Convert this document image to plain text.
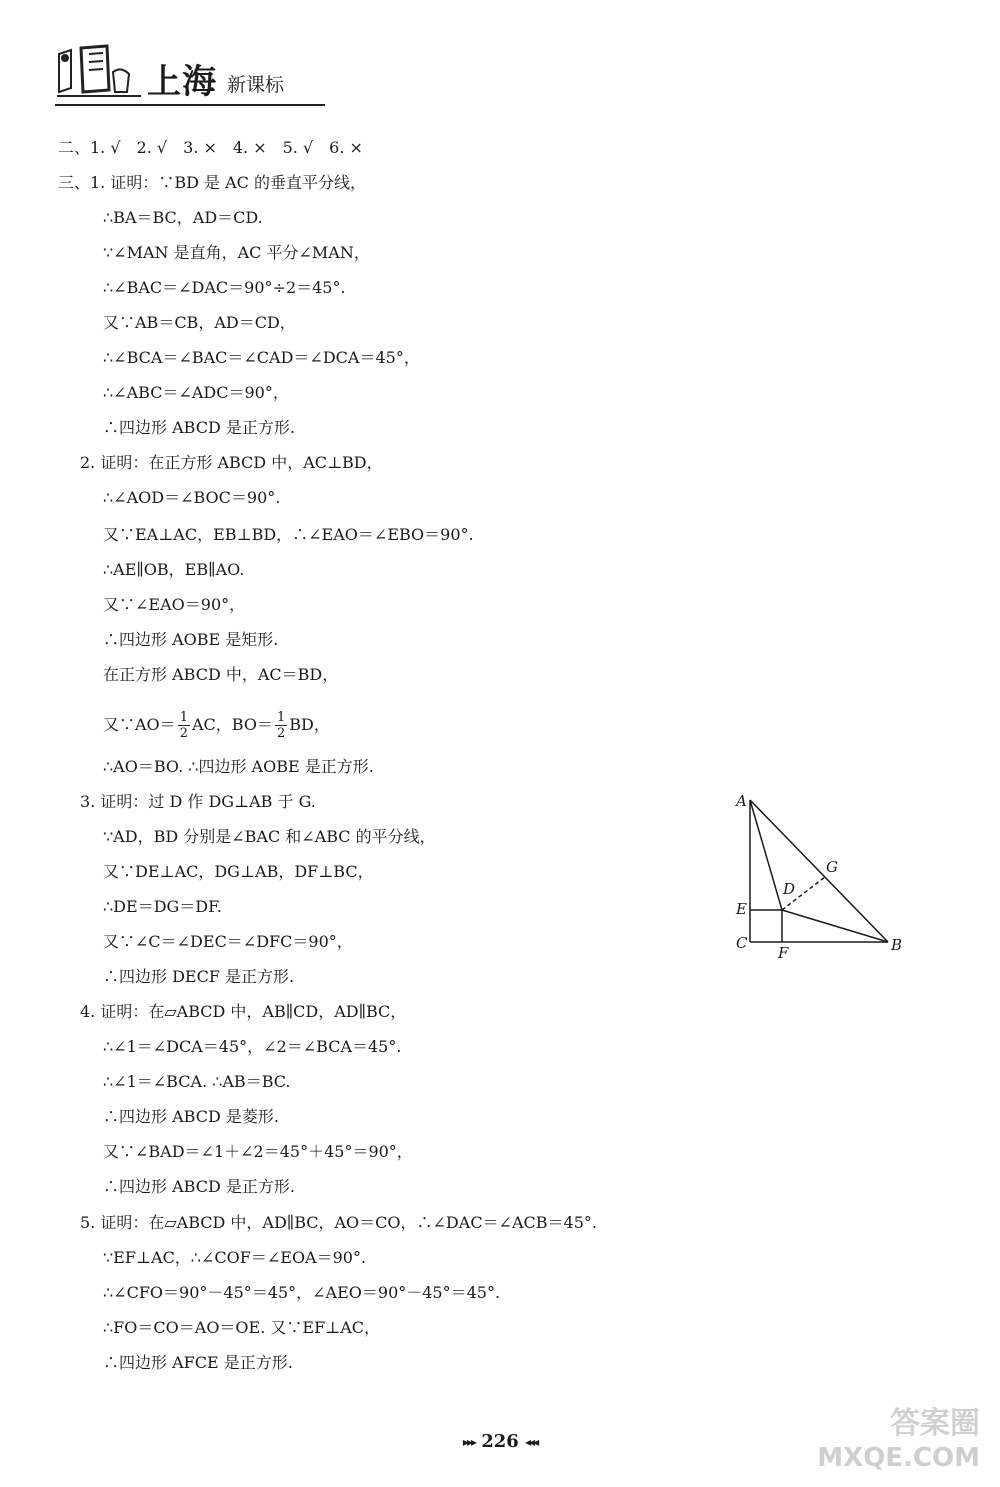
上海 新课标
二、1. √　2. √　3. ×　4. ×　5. √　6. ×
三、1. 证明：∵BD 是 AC 的垂直平分线，
∴BA＝BC，AD＝CD.
∵∠MAN 是直角，AC 平分∠MAN，
∴∠BAC＝∠DAC＝90°÷2＝45°.
又∵AB＝CB，AD＝CD，
∴∠BCA＝∠BAC＝∠CAD＝∠DCA＝45°，
∴∠ABC＝∠ADC＝90°，
∴四边形 ABCD 是正方形.
2. 证明：在正方形 ABCD 中，AC⊥BD，
∴∠AOD＝∠BOC＝90°.
又∵EA⊥AC，EB⊥BD，∴∠EAO＝∠EBO＝90°.
∴AE∥OB，EB∥AO.
又∵∠EAO＝90°，
∴四边形 AOBE 是矩形.
在正方形 ABCD 中，AC＝BD，
又∵AO＝ $\frac{1}{2}$ AC，$BO= \frac{1}{2}$ BD，
∴AO＝BO. ∴四边形 AOBE 是正方形.
3. 证明：过 D 作 DG⊥AB 于 G.
∵AD，BD 分别是∠BAC 和∠ABC 的平分线，
又∵DE⊥AC，DG⊥AB，DF⊥BC，
∴DE＝DG＝DF.
又∵∠C＝∠DEC＝∠DFC＝90°，
∴四边形 DECF 是正方形.
A
B
C
D
E
F
G
4. 证明：在▱ABCD 中，AB∥CD，AD∥BC，
∴∠1＝∠DCA＝45°，∠2＝∠BCA＝45°.
∴∠1＝∠BCA. ∴AB＝BC.
∴四边形 ABCD 是菱形.
又∵∠BAD＝∠1＋∠2＝45°＋45°＝90°，
∴四边形 ABCD 是正方形.
5. 证明：在▱ABCD 中，AD∥BC，AO＝CO，∴∠DAC＝∠ACB＝45°.
∵EF⊥AC，∴∠COF＝∠EOA＝90°.
∴∠CFO＝90°－45°＝45°，∠AEO＝90°－45°＝45°.
∴FO＝CO＝AO＝OE. 又∵EF⊥AC，
∴四边形 AFCE 是正方形.
▸▸▸ 226 ◂◂◂
答案圈
MXQE.COM
